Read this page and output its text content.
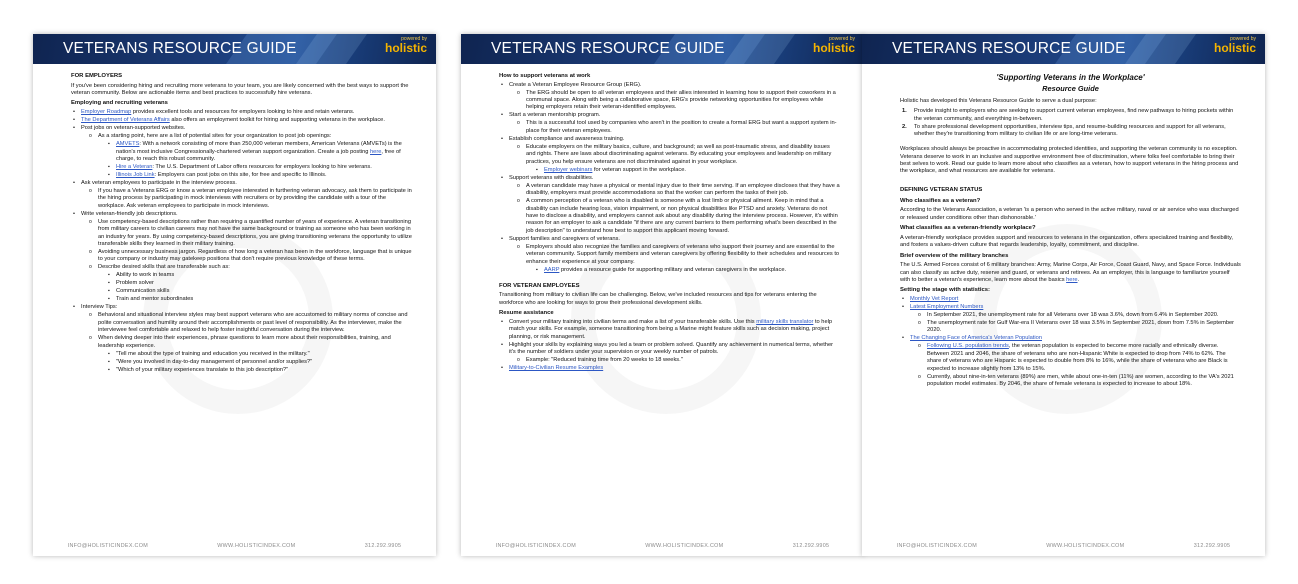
VETERANS RESOURCE GUIDE
powered by
holistic
FOR EMPLOYERS

If you've been considering hiring and recruiting more veterans to your team, you are likely concerned with the best ways to support the veteran community. Below are actionable items and best practices to successfully hire veterans.

Employing and recruiting veterans
• Employer Roadmap provides excellent tools and resources for employers looking to hire and retain veterans.
• The Department of Veterans Affairs also offers an employment toolkit for hiring and supporting veterans in the workplace.
• Post jobs on veteran-supported websites.
o As a starting point, here are a list of potential sites for your organization to post job openings:
▪ AMVETS: With a network consisting of more than 250,000 veteran members, American Veterans (AMVETs) is the nation's most inclusive Congressionally-chartered veteran support organization. Create a job posting here, free of charge, to reach this robust community.
▪ Hire a Veteran: The U.S. Department of Labor offers resources for employers looking to hire veterans.
▪ Illinois Job Link: Employers can post jobs on this site, for free and specific to Illinois.
• Ask veteran employees to participate in the interview process.
o If you have a Veterans ERG or know a veteran employee interested in furthering veteran advocacy, ask them to participate in the hiring process by participating in mock interviews with recruiters or by providing the candidate with a tour of the workplace. Ask veteran employees to participate in mock interviews.
• Write veteran-friendly job descriptions.
o Use competency-based descriptions rather than requiring a quantified number of years of experience. A veteran transitioning from military careers to civilian careers may not have the same background or training as someone who has been working in an industry for years. By using competency-based descriptions, you are giving transitioning veterans the opportunity to utilize transferable skills they learned in their military training.
o Avoiding unnecessary business jargon. Regardless of how long a veteran has been in the workforce, language that is unique to your company or industry may gatekeep positions that don't require previous knowledge of these terms.
o Describe desired skills that are transferable such as:
▪ Ability to work in teams
▪ Problem solver
▪ Communication skills
▪ Train and mentor subordinates
• Interview Tips:
o Behavioral and situational interview styles may best support veterans who are accustomed to military norms of concise and polite conversation and humility around their accomplishments or past level of responsibility. As the interviewer, make the interviewee feel comfortable and relaxed to help foster insightful conversation during the interview.
o When delving deeper into their experiences, phrase questions to learn more about their responsibilities, training, and leadership experience.
▪ "Tell me about the type of training and education you received in the military."
▪ "Were you involved in day-to-day management of personnel and/or supplies?"
▪ "Which of your military experiences translate to this job description?"
INFO@HOLISTICINDEX.COM	WWW.HOLISTICINDEX.COM	312.292.9905
VETERANS RESOURCE GUIDE
powered by
holistic
How to support veterans at work
• Create a Veteran Employee Resource Group (ERG).
o The ERG should be open to all veteran employees and their allies interested in learning how to support their coworkers in a communal space. Along with being a collaborative space, ERG's provide networking opportunities for employees while helping employers retain their veteran-identified employees.
• Start a veteran mentorship program.
o This is a successful tool used by companies who aren't in the position to create a formal ERG but want a support system in-place for their veteran employees.
• Establish compliance and awareness training.
o Educate employers on the military basics, culture, and background; as well as post-traumatic stress, and disability issues and rights. There are laws about discriminating against veterans. By educating your employees and leadership on military practices, you help ensure veterans are not discriminated against in your workplace.
▪ Employer webinars for veteran support in the workplace.
• Support veterans with disabilities.
o A veteran candidate may have a physical or mental injury due to their time serving. If an employee discloses that they have a disability, employers must provide accommodations so that the worker can perform the tasks of their job.
o A common perception of a veteran who is disabled is someone with a lost limb or physical ailment. Keep in mind that a disability can include hearing loss, vision impairment, or non physical disabilities like PTSD and anxiety. Veterans do not have to disclose a disability, and employers cannot ask about any disability during the interview process. However, it's within reason for an employer to ask a candidate "if there are any current barriers to them performing what's been described in the job description" to understand how best to support this applicant moving forward.
• Support families and caregivers of veterans.
o Employers should also recognize the families and caregivers of veterans who support their journey and are essential to the veteran community. Support family members and veteran caregivers by offering flexibility to their schedules and resources to enhance their experience at your company.
▪ AARP provides a resource guide for supporting military and veteran caregivers in the workplace.
FOR VETERAN EMPLOYEES

Transitioning from military to civilian life can be challenging. Below, we've included resources and tips for veterans entering the workforce who are looking for ways to grow their professional development skills.

Resume assistance
• Convert your military training into civilian terms and make a list of your transferable skills. Use this military skills translator to help match your skills. For example, someone transitioning from being a Marine might feature skills such as decision making, project planning, or risk management.
• Highlight your skills by explaining ways you led a team or problem solved. Quantify any achievement in numerical terms, whether it's the number of soldiers under your supervision or your weekly number of patrols.
o Example: "Reduced training time from 20 weeks to 18 weeks."
• Military-to-Civilian Resume Examples
INFO@HOLISTICINDEX.COM	WWW.HOLISTICINDEX.COM	312.292.9905
VETERANS RESOURCE GUIDE
powered by
holistic
'Supporting Veterans in the Workplace'
Resource Guide

Holistic has developed this Veterans Resource Guide to serve a dual purpose:

1. Provide insight to employers who are seeking to support current veteran employees, find new pathways to hiring pockets within the veteran community, and everything in-between.
2. To share professional development opportunities, interview tips, and resume-building resources and support for all veterans, whether they're transitioning from military to civilian life or are long-time veterans.

Workplaces should always be proactive in accommodating protected identities, and supporting the veteran community is no exception. Veterans deserve to work in an inclusive and supportive environment free of discrimination, where folks feel comfortable to bring their best selves to work. Read our guide to learn more about who classifies as a veteran, how to support veterans in the hiring process and the workplace, and what resources are available for veterans.

DEFINING VETERAN STATUS
Who classifies as a veteran?

According to the Veterans Association, a veteran 'is a person who served in the active military, naval or air service who was discharged or released under conditions other than dishonorable.'

What classifies as a veteran-friendly workplace?

A veteran-friendly workplace provides support and resources to veterans in the organization, offers specialized training and flexibility, and fosters a values-driven culture that regards leadership, loyalty, commitment, and discipline.

Brief overview of the military branches

The U.S. Armed Forces consist of 6 military branches: Army, Marine Corps, Air Force, Coast Guard, Navy, and Space Force. Individuals can also classify as active duty, reserve and guard, or veterans and retirees. As an employer, this is language to familiarize yourself with to better a veteran's experience, learn more about the basics here.

Setting the stage with statistics:
• Monthly Vet Report
• Latest Employment Numbers
o In September 2021, the unemployment rate for all Veterans over 18 was 3.6%, down from 6.4% in September 2020.
o The unemployment rate for Gulf War-era II Veterans over 18 was 3.5% in September 2021, down from 7.5% in September 2020.
• The Changing Face of America's Veteran Population
o Following U.S. population trends, the veteran population is expected to become more racially and ethnically diverse. Between 2021 and 2046, the share of veterans who are non-Hispanic White is expected to drop from 74% to 62%. The share of veterans who are Hispanic is expected to double from 8% to 16%, while the share of veterans who are Black is expected to increase slightly from 13% to 15%.
o Currently, about nine-in-ten veterans (89%) are men, while about one-in-ten (11%) are women, according to the VA's 2021 population model estimates. By 2046, the share of female veterans is expected to increase to about 18%.
INFO@HOLISTICINDEX.COM	WWW.HOLISTICINDEX.COM	312.292.9905
